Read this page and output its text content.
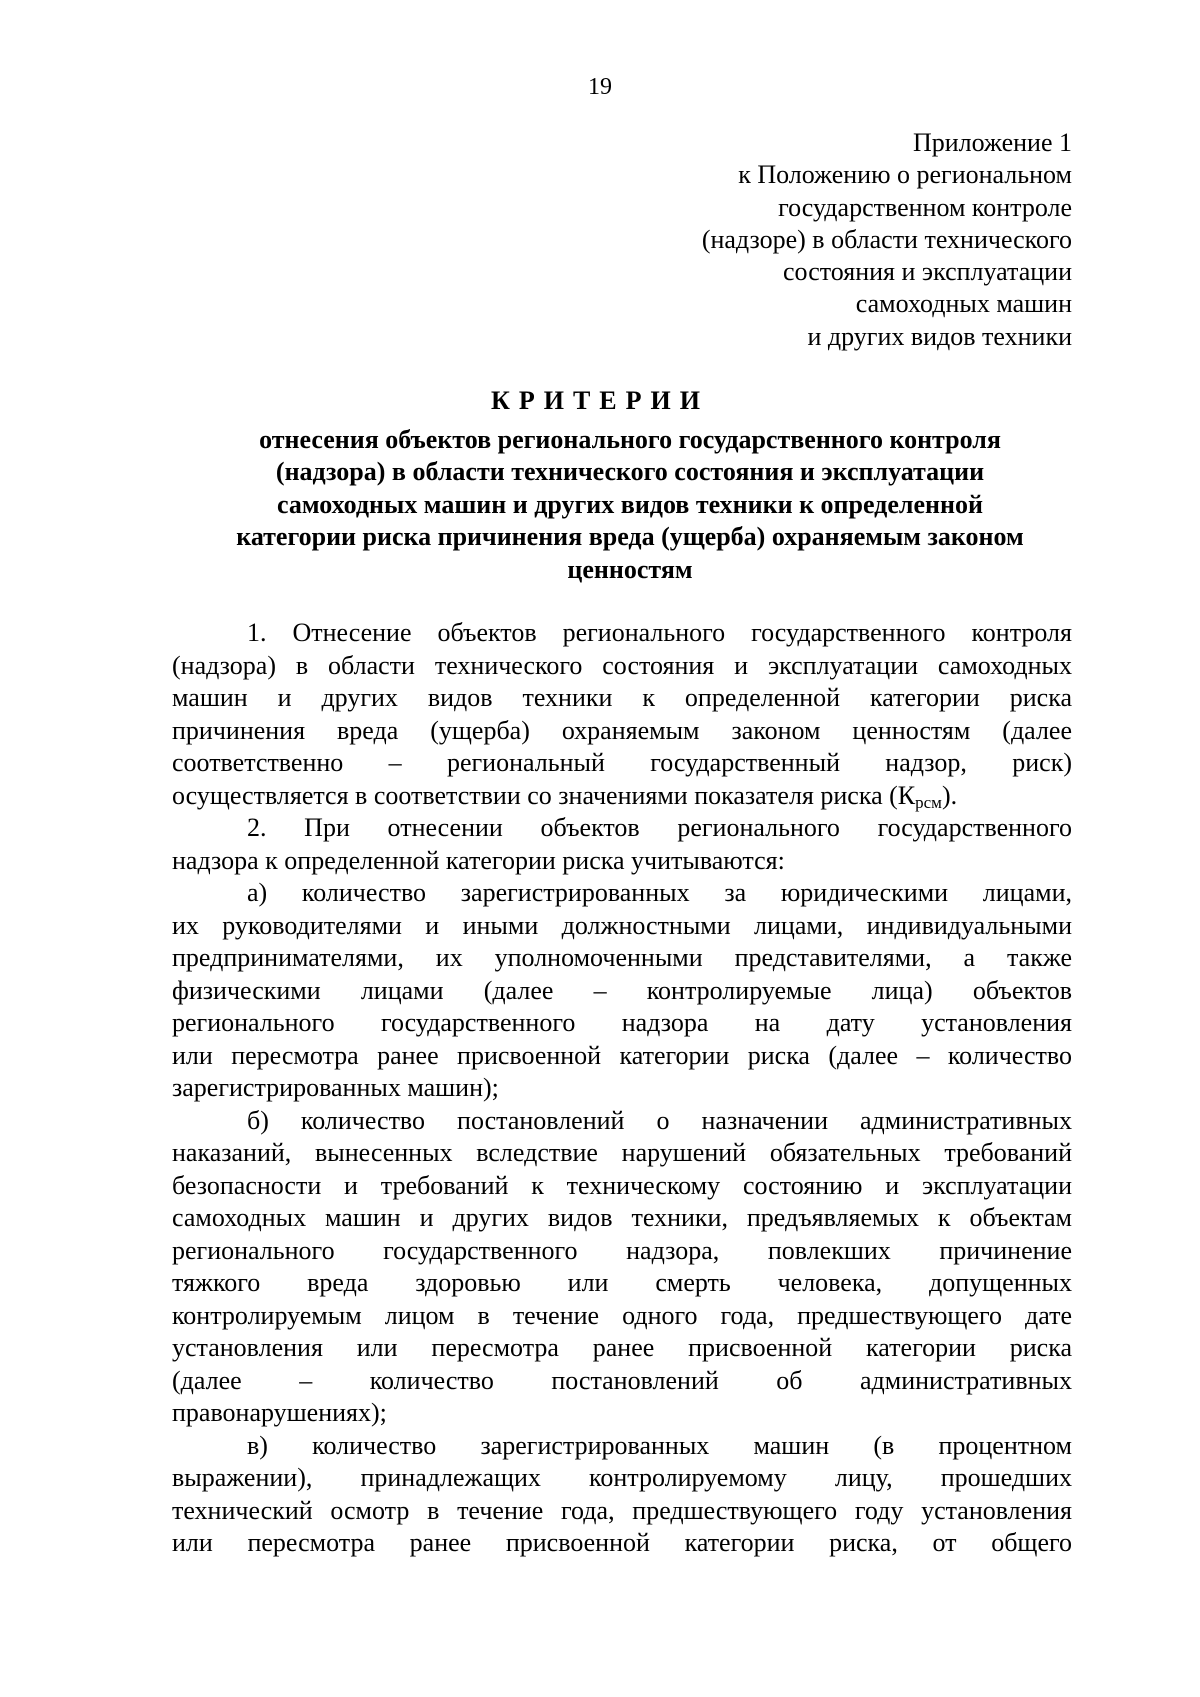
19
Приложение 1
к Положению о региональном
государственном контроле
(надзоре) в области технического
состояния и эксплуатации
самоходных машин
и других видов техники
КРИТЕРИИ
отнесения объектов регионального государственного контроля
(надзора) в области технического состояния и эксплуатации
самоходных машин и других видов техники к определенной
категории риска причинения вреда (ущерба) охраняемым законом
ценностям
1. Отнесение объектов регионального государственного контроля
(надзора) в области технического состояния и эксплуатации самоходных
машин и других видов техники к определенной категории риска
причинения вреда (ущерба) охраняемым законом ценностям (далее
соответственно – региональный государственный надзор, риск)
осуществляется в соответствии со значениями показателя риска $(К_{рсм})$.
2. При отнесении объектов регионального государственного
надзора к определенной категории риска учитываются:
а) количество зарегистрированных за юридическими лицами,
их руководителями и иными должностными лицами, индивидуальными
предпринимателями, их уполномоченными представителями, а также
физическими лицами (далее – контролируемые лица) объектов
регионального государственного надзора на дату установления
или пересмотра ранее присвоенной категории риска (далее – количество
зарегистрированных машин);
б) количество постановлений о назначении административных
наказаний, вынесенных вследствие нарушений обязательных требований
безопасности и требований к техническому состоянию и эксплуатации
самоходных машин и других видов техники, предъявляемых к объектам
регионального государственного надзора, повлекших причинение
тяжкого вреда здоровью или смерть человека, допущенных
контролируемым лицом в течение одного года, предшествующего дате
установления или пересмотра ранее присвоенной категории риска
(далее – количество постановлений об административных
правонарушениях);
в) количество зарегистрированных машин (в процентном
выражении), принадлежащих контролируемому лицу, прошедших
технический осмотр в течение года, предшествующего году установления
или пересмотра ранее присвоенной категории риска, от общего
